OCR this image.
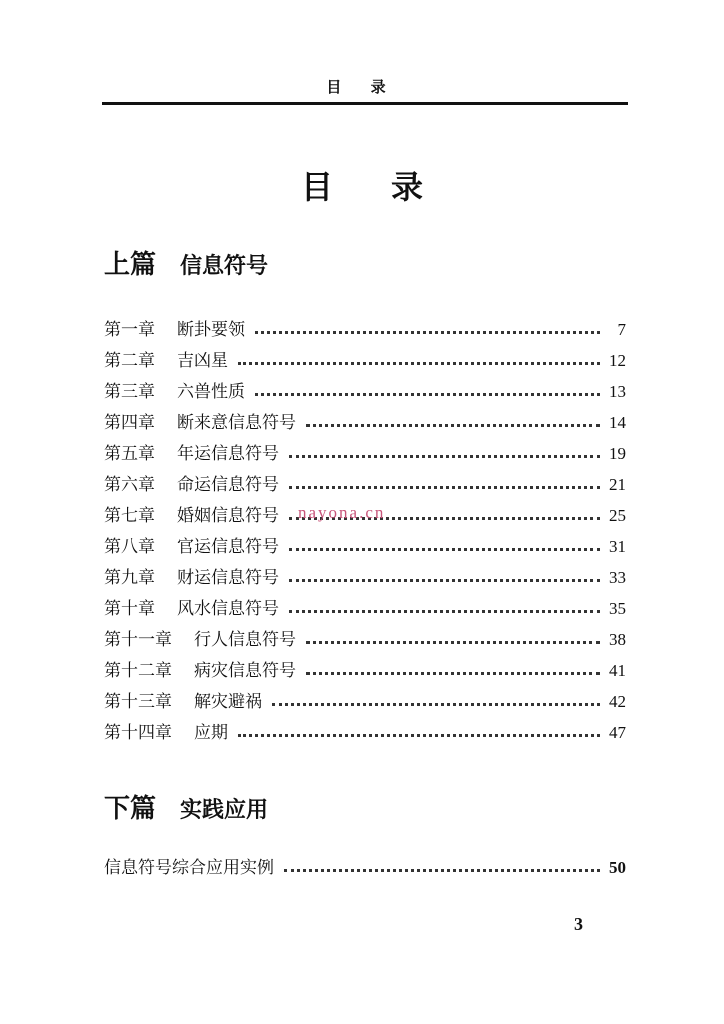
目 录
目录
上篇 信息符号
第一章 断卦要领	7
第二章 吉凶星	12
第三章 六兽性质	13
第四章 断来意信息符号	14
第五章 年运信息符号	19
第六章 命运信息符号	21
第七章 婚姻信息符号	25
第八章 官运信息符号	31
第九章 财运信息符号	33
第十章 风水信息符号	35
第十一章 行人信息符号	38
第十二章 病灾信息符号	41
第十三章 解灾避祸	42
第十四章 应期	47
nayona.cn
下篇 实践应用
信息符号综合应用实例	50
3
